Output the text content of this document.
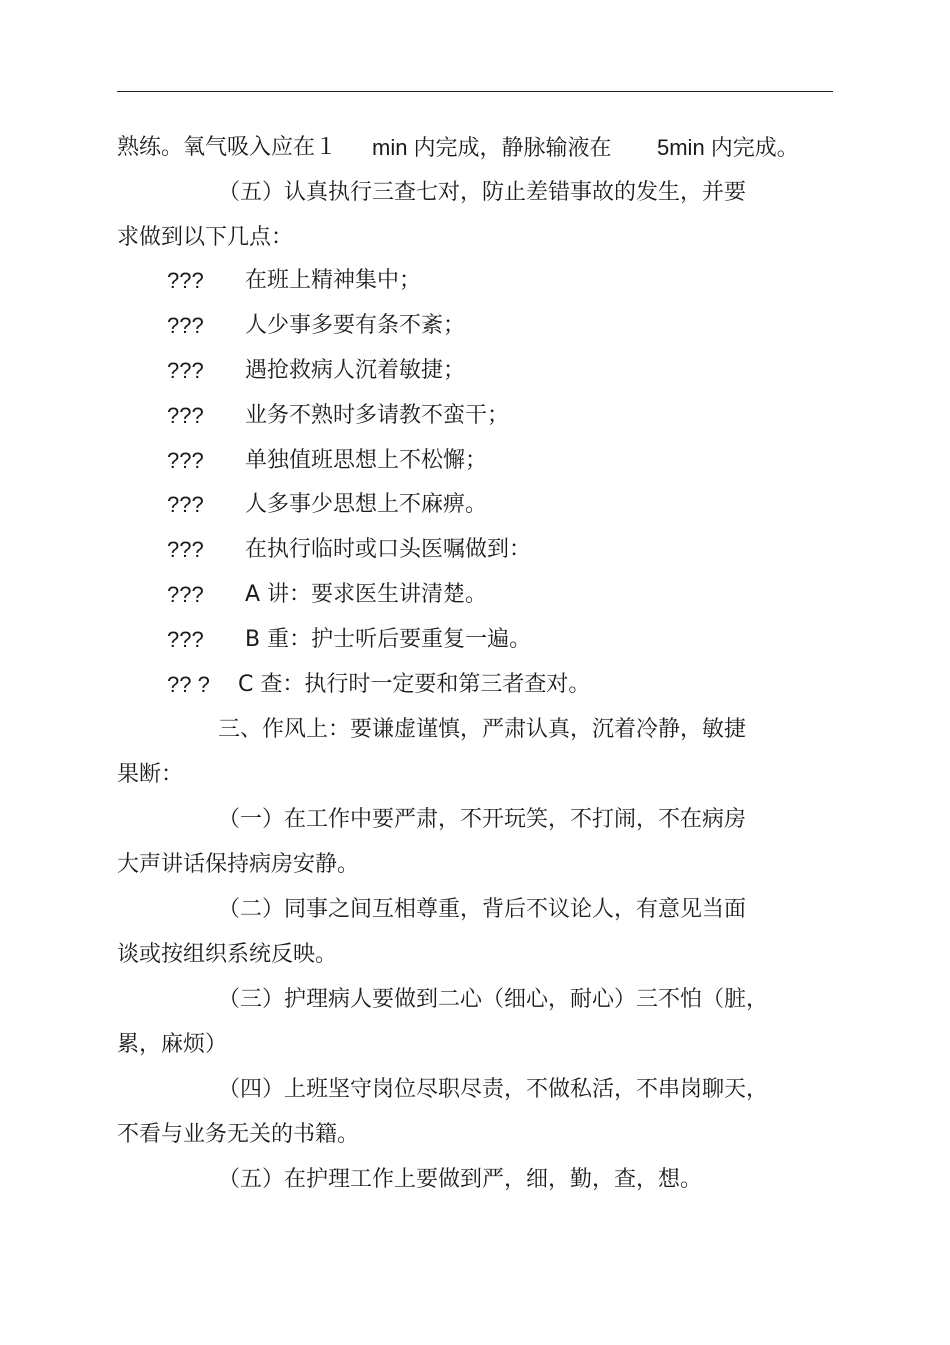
熟练。氧气吸入应在１ min 内完成，静脉输液在 5min 内完成。
（五）认真执行三查七对，防止差错事故的发生，并要
求做到以下几点：
??? 在班上精神集中；
??? 人少事多要有条不紊；
??? 遇抢救病人沉着敏捷；
??? 业务不熟时多请教不蛮干；
??? 单独值班思想上不松懈；
??? 人多事少思想上不麻痹。
??? 在执行临时或口头医嘱做到：
??? A 讲：要求医生讲清楚。
??? B 重：护士听后要重复一遍。
?? ? C 查：执行时一定要和第三者查对。
三、作风上：要谦虚谨慎，严肃认真，沉着冷静，敏捷
果断：
（一）在工作中要严肃，不开玩笑，不打闹，不在病房
大声讲话保持病房安静。
（二）同事之间互相尊重，背后不议论人，有意见当面
谈或按组织系统反映。
（三）护理病人要做到二心（细心，耐心）三不怕（脏，
累，麻烦）
（四）上班坚守岗位尽职尽责，不做私活，不串岗聊天，
不看与业务无关的书籍。
（五）在护理工作上要做到严，细，勤，查，想。
